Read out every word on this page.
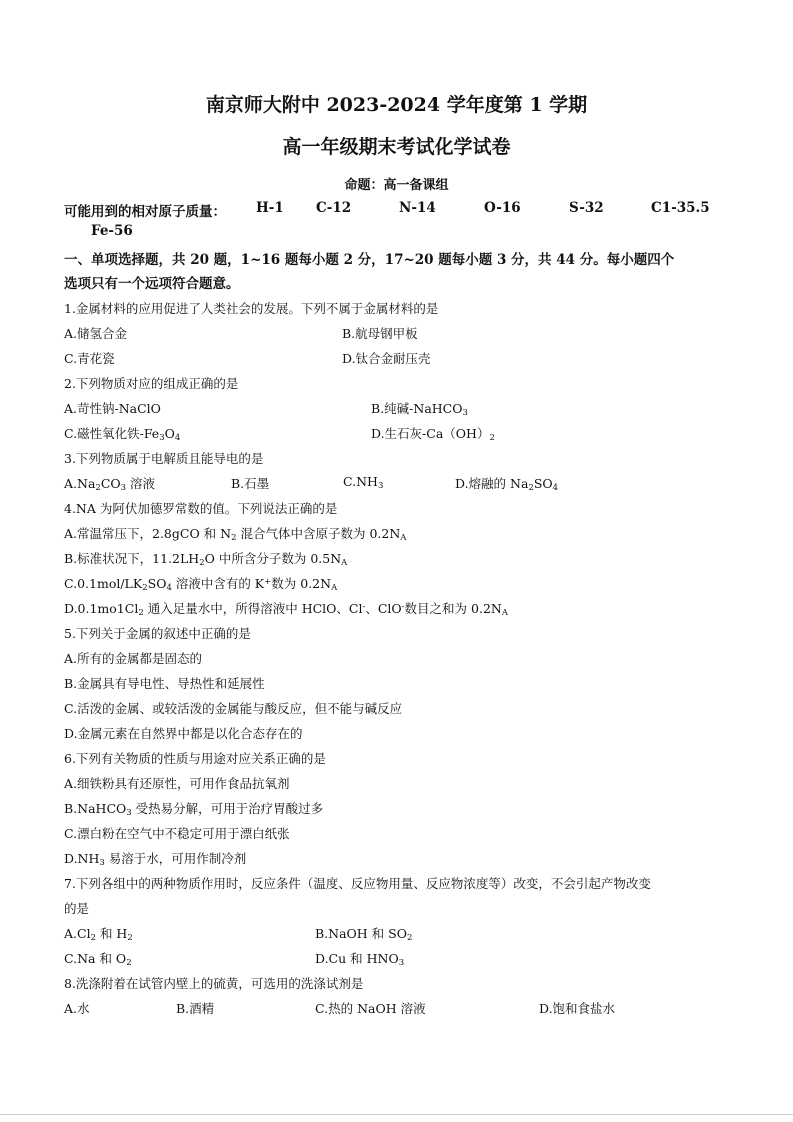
南京师大附中 2023-2024 学年度第 1 学期
高一年级期末考试化学试卷
命题：高一备课组
可能用到的相对原子质量： H-1 C-12	N-14	O-16	S-32	C1-35.5
Fe-56
一、单项选择题，共 20 题，1~16 题每小题 2 分，17~20 题每小题 3 分，共 44 分。每小题四个
选项只有一个远项符合题意。
1.金属材料的应用促进了人类社会的发展。下列不属于金属材料的是
A.储氢合金	B.航母钢甲板
C.青花瓷	D.钛合金耐压壳
2.下列物质对应的组成正确的是
A.苛性钠-NaClO	B.纯碱-NaHCO$_3$
C.磁性氧化铁$-Fe_3O_4$	D.生石灰$-Ca(OH)_2$
3.下列物质属于电解质且能导电的是
$A.Na_2CO_3$ 溶液	B.石墨	$C.NH_3$	D.熔融的 $Na_2SO_4$
4.NA 为阿伏加德罗常数的值。下列说法正确的是
A.常温常压下，2.8gCO 和 $N_2$ 混合气体中含原子数为 $0.2N_A$
B.标准状况下，$11.2LH_2O$ 中所含分子数为 $0.5N_A$
$C.0.1mol/LK_2SO_4$ 溶液中含有的 K+数为 $0.2N_A$
$D.0.1mo1Cl_2$ 通入足量水中，所得溶液中 HClO、Cl-、ClO-数目之和为 $0.2N_A$
5.下列关于金属的叙述中正确的是
A.所有的金属都是固态的
B.金属具有导电性、导热性和延展性
C.活泼的金属、或较活泼的金属能与酸反应，但不能与碱反应
D.金属元素在自然界中都是以化合态存在的
6.下列有关物质的性质与用途对应关系正确的是
A.细铁粉具有还原性，可用作食品抗氧剂
B.NaHCO$_3$ 受热易分解，可用于治疗胃酸过多
C.漂白粉在空气中不稳定可用于漂白纸张
$D.NH_3$ 易溶于水，可用作制冷剂
7.下列各组中的两种物质作用时，反应条件（温度、反应物用量、反应物浓度等）改变，不会引起产物改变
的是
$A.Cl_2$ 和 $H_2$	B.NaOH 和 $SO_2$
C.Na 和 $O_2$	D.Cu 和 $HNO_3$
8.洗涤附着在试管内壁上的硫黄，可选用的洗涤试剂是
A.水	B.酒精	C.热的 NaOH 溶液	D.饱和食盐水
